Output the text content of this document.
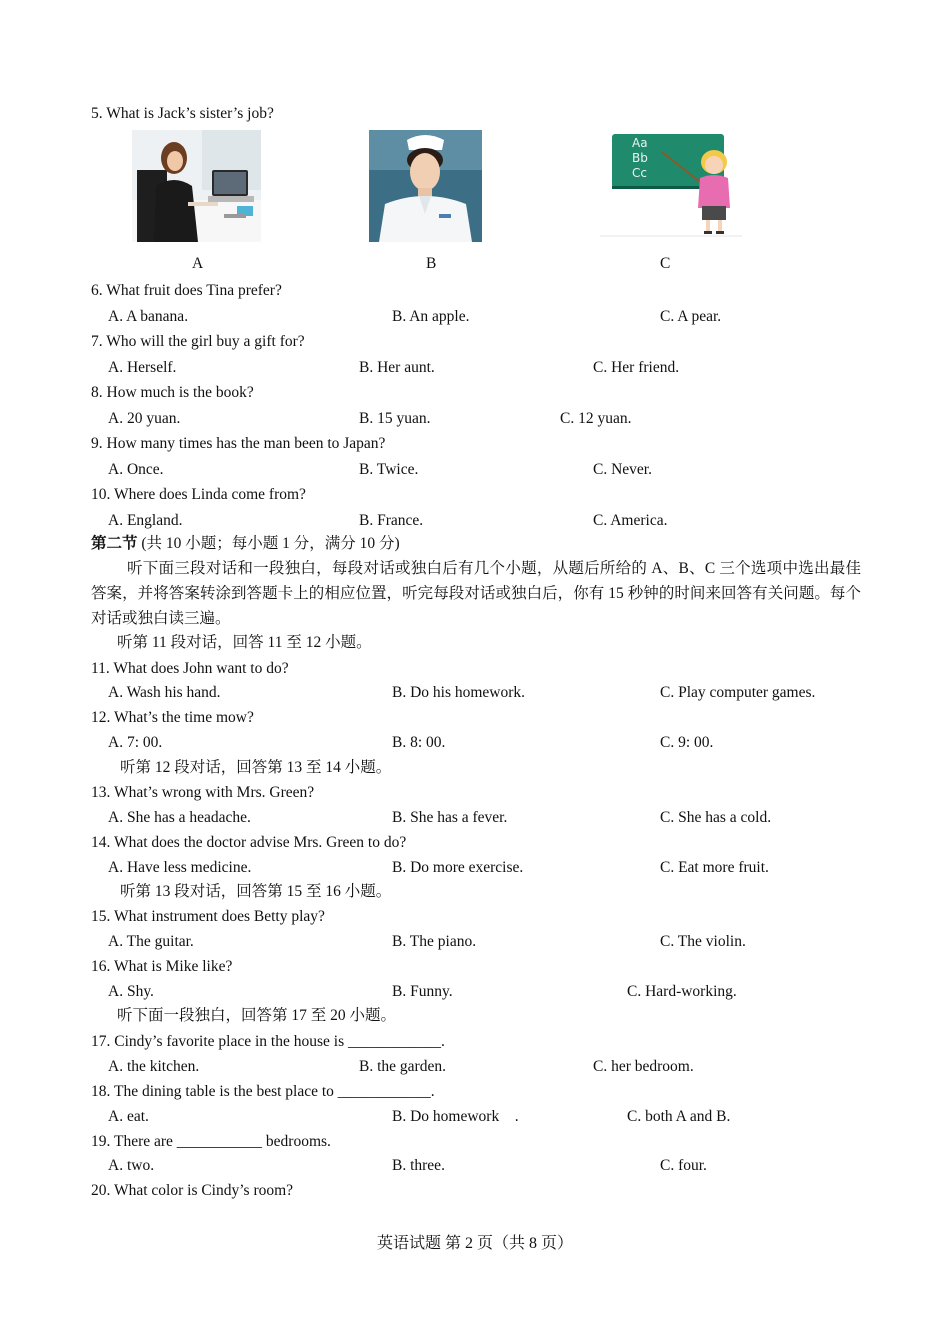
5. What is Jack’s sister’s job?
Aa
Bb
Cc
A	B	C
6. What fruit does Tina prefer?
A. A banana.	B. An apple.	C. A pear.
7. Who will the girl buy a gift for?
A. Herself.	B. Her aunt.	C. Her friend.
8. How much is the book?
A. 20 yuan.	B. 15 yuan.	C. 12 yuan.
9. How many times has the man been to Japan?
A. Once.	B. Twice.	C. Never.
10. Where does Linda come from?
A. England.	B. France.	C. America.
第二节 (共 10 小题；每小题 1 分，满分 10 分)
听下面三段对话和一段独白，每段对话或独白后有几个小题，从题后所给的 A、B、C 三个选项中选出最佳答案，并将答案转涂到答题卡上的相应位置，听完每段对话或独白后，你有 15 秒钟的时间来回答有关问题。每个对话或独白读三遍。
听第 11 段对话，回答 11 至 12 小题。
11. What does John want to do?
A. Wash his hand.	B. Do his homework.	C. Play computer games.
12. What’s the time mow?
A. 7: 00.	B. 8: 00.	C. 9: 00.
听第 12 段对话，回答第 13 至 14 小题。
13. What’s wrong with Mrs. Green?
A. She has a headache.	B. She has a fever.	C. She has a cold.
14. What does the doctor advise Mrs. Green to do?
A. Have less medicine.	B. Do more exercise.	C. Eat more fruit.
听第 13 段对话，回答第 15 至 16 小题。
15. What instrument does Betty play?
A. The guitar.	B. The piano.	C. The violin.
16. What is Mike like?
A. Shy.	B. Funny.	C. Hard-working.
听下面一段独白，回答第 17 至 20 小题。
17. Cindy’s favorite place in the house is ____________.
A. the kitchen.	B. the garden.	C. her bedroom.
18. The dining table is the best place to ____________.
A. eat.	B. Do homework    .	C. both A and B.
19. There are ___________ bedrooms.
A. two.	B. three.	C. four.
20. What color is Cindy’s room?
英语试题 第 2 页（共 8 页）
